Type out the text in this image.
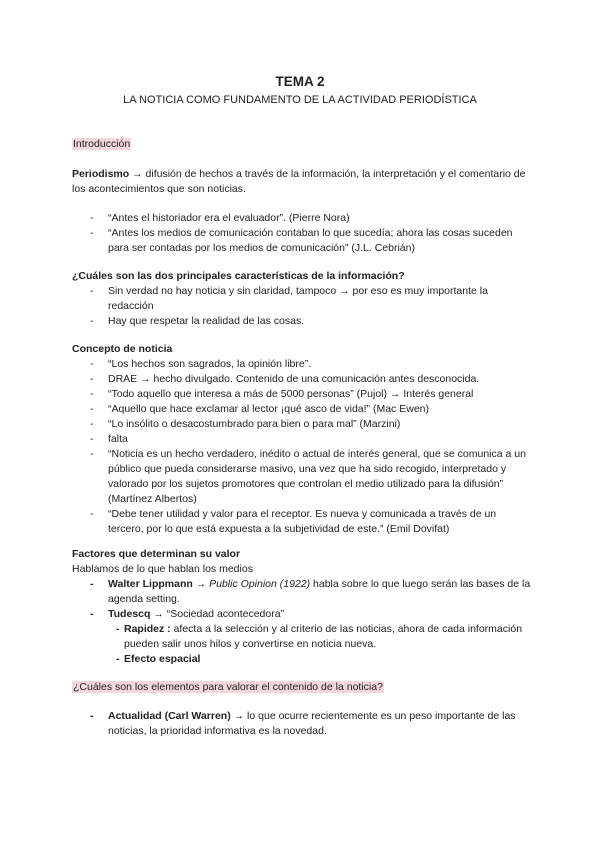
TEMA 2
LA NOTICIA COMO FUNDAMENTO DE LA ACTIVIDAD PERIODÍSTICA
Introducción

Periodismo → difusión de hechos a través de la información, la interpretación y el comentario de los acontecimientos que son noticias.

- “Antes el historiador era el evaluador”. (Pierre Nora)
- “Antes los medios de comunicación contaban lo que sucedía; ahora las cosas suceden para ser contadas por los medios de comunicación” (J.L. Cebrián)

¿Cuáles son las dos principales características de la información?

- Sin verdad no hay noticia y sin claridad, tampoco → por eso es muy importante la redacción
- Hay que respetar la realidad de las cosas.

Concepto de noticia

- “Los hechos son sagrados, la opinión libre”.
- DRAE → hecho divulgado. Contenido de una comunicación antes desconocida.
- “Todo aquello que interesa a más de 5000 personas” (Pujol) → Interés general
- “Aquello que hace exclamar al lector ¡qué asco de vida!” (Mac Ewen)
- “Lo insólito o desacostumbrado para bien o para mal” (Marzini)
- falta
- “Noticia es un hecho verdadero, inédito o actual de interés general, que se comunica a un público que pueda considerarse masivo, una vez que ha sido recogido, interpretado y valorado por los sujetos promotores que controlan el medio utilizado para la difusión” (Martínez Albertos)
- “Debe tener utilidad y valor para el receptor. Es nueva y comunicada a través de un tercero, por lo que está expuesta a la subjetividad de este.” (Emil Dovifat)

Factores que determinan su valor

Hablamos de lo que hablan los medios

- Walter Lippmann → Public Opinion (1922) habla sobre lo que luego serán las bases de la agenda setting.
- Tudescq → “Sociedad acontecedora”
- Rapidez : afecta a la selección y al criterio de las noticias, ahora de cada información pueden salir unos hilos y convertirse en noticia nueva.
- Efecto espacial
¿Cuáles son los elementos para valorar el contenido de la noticia?
- Actualidad (Carl Warren) → lo que ocurre recientemente es un peso importante de las noticias, la prioridad informativa es la novedad.
